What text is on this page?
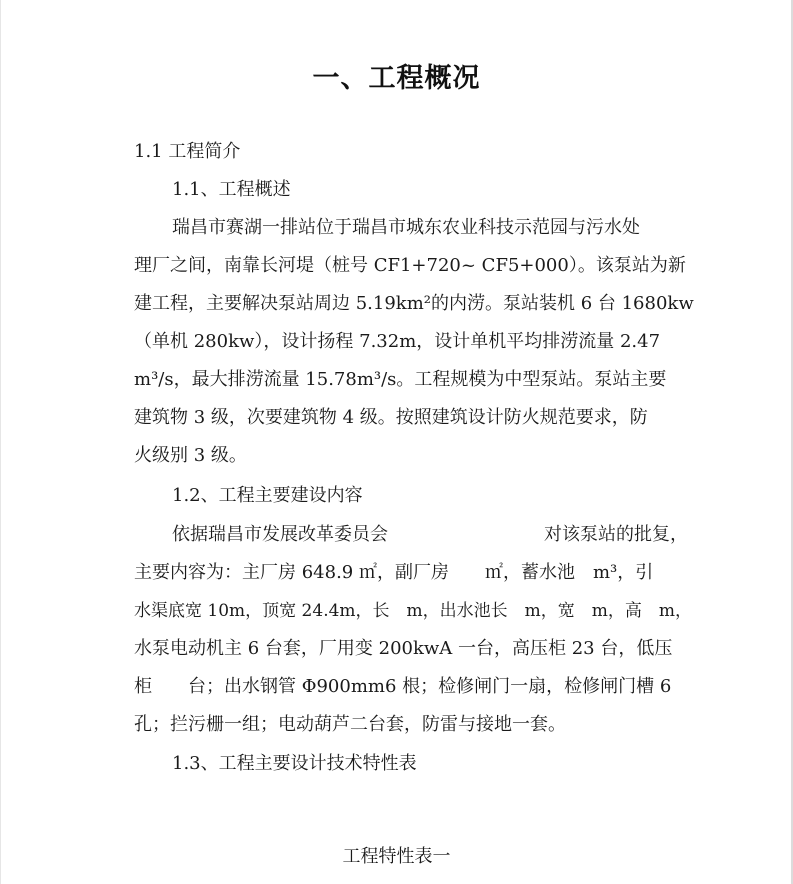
一、工程概况
1.1 工程简介
1.1、工程概述
瑞昌市赛湖一排站位于瑞昌市城东农业科技示范园与污水处
理厂之间，南靠长河堤（桩号 CF1+720~ CF5+000）。该泵站为新
建工程，主要解决泵站周边 5.19km²的内涝。泵站装机 6 台 1680kw
（单机 280kw），设计扬程 7.32m，设计单机平均排涝流量 2.47
m³/s，最大排涝流量 15.78m³/s。工程规模为中型泵站。泵站主要
建筑物 3 级，次要建筑物 4 级。按照建筑设计防火规范要求，防
火级别 3 级。
1.2、工程主要建设内容
依据瑞昌市发展改革委员会	对该泵站的批复，
主要内容为：主厂房 648.9 ㎡，副厂房　　㎡，蓄水池　m³，引
水渠底宽 10m，顶宽 24.4m，长　m，出水池长　m，宽　m，高　m，
水泵电动机主 6 台套，厂用变 200kwA 一台，高压柜 23 台，低压
柜　　台；出水钢管 Φ900mm6 根；检修闸门一扇，检修闸门槽 6
孔；拦污栅一组；电动葫芦二台套，防雷与接地一套。
1.3、工程主要设计技术特性表
工程特性表一
